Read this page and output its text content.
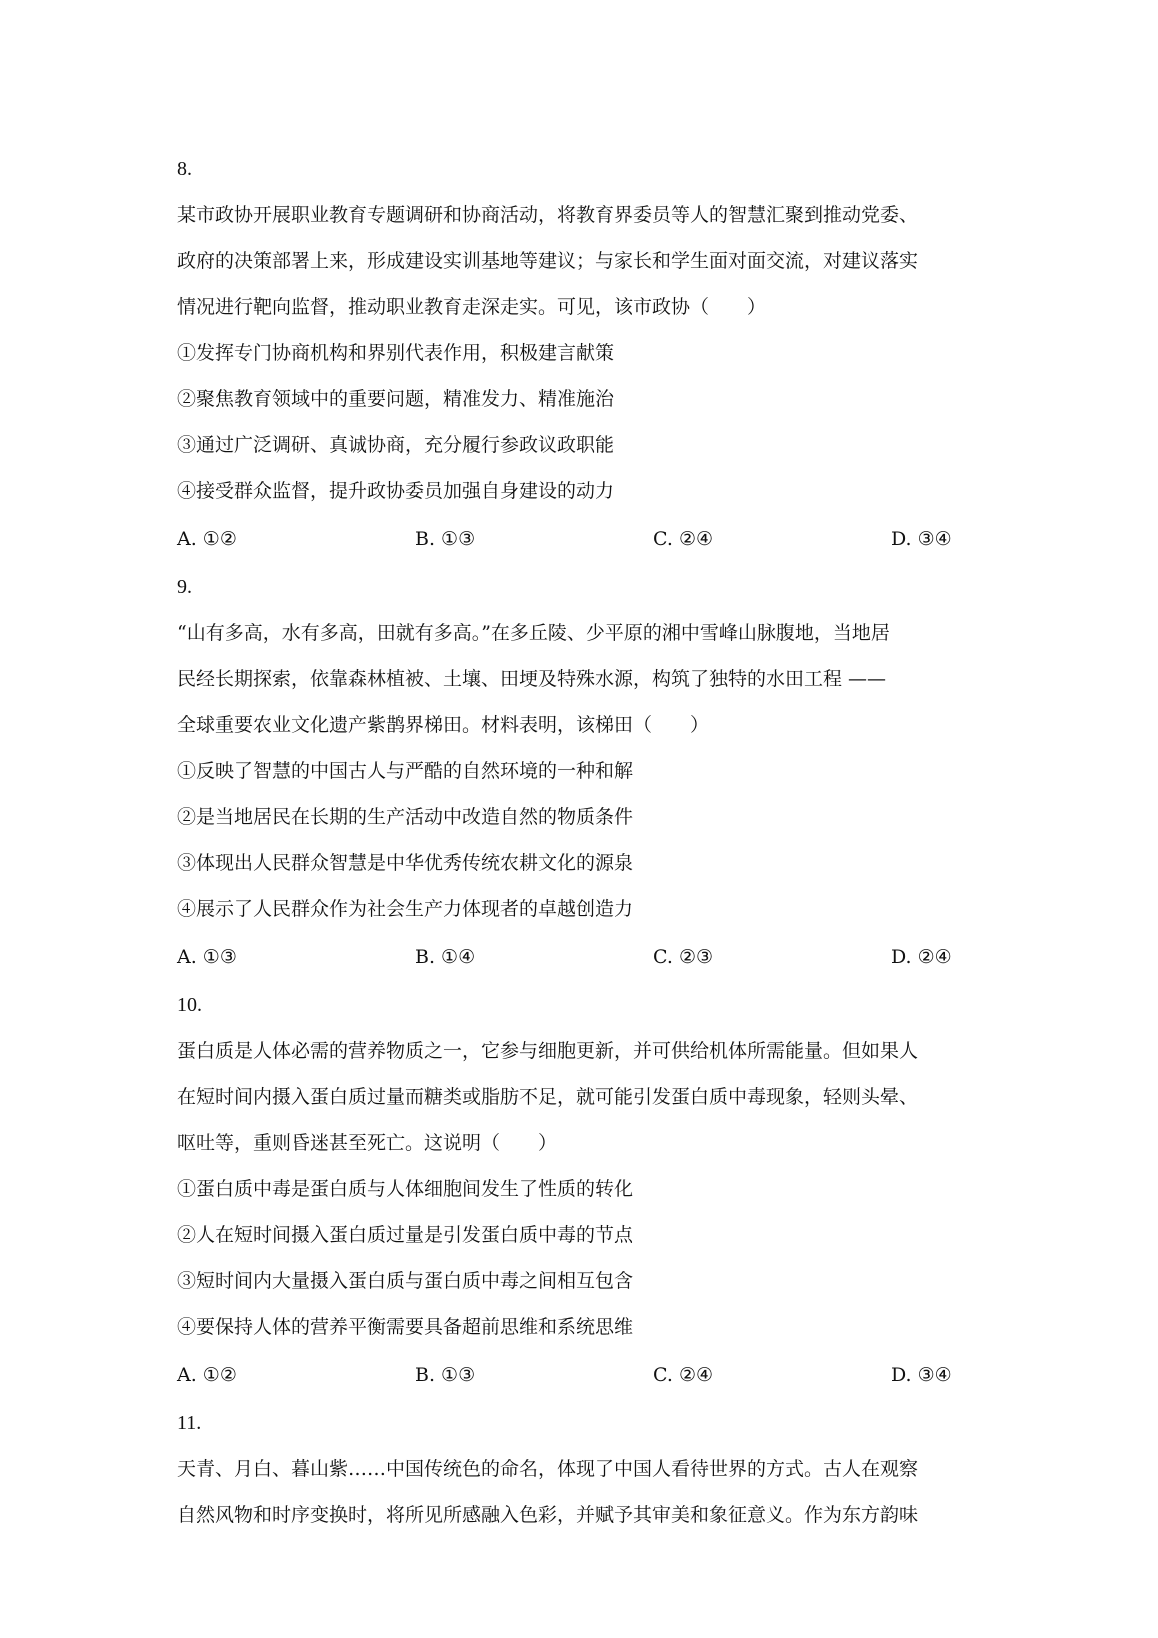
8.
某市政协开展职业教育专题调研和协商活动，将教育界委员等人的智慧汇聚到推动党委、
政府的决策部署上来，形成建设实训基地等建议；与家长和学生面对面交流，对建议落实
情况进行靶向监督，推动职业教育走深走实。可见，该市政协（　　）
①发挥专门协商机构和界别代表作用，积极建言献策
②聚焦教育领域中的重要问题，精准发力、精准施治
③通过广泛调研、真诚协商，充分履行参政议政职能
④接受群众监督，提升政协委员加强自身建设的动力
A. ①②	B. ①③	C. ②④	D. ③④
9.
“山有多高，水有多高，田就有多高。”在多丘陵、少平原的湘中雪峰山脉腹地，当地居
民经长期探索，依靠森林植被、土壤、田埂及特殊水源，构筑了独特的水田工程 ——
全球重要农业文化遗产紫鹊界梯田。材料表明，该梯田（　　）
①反映了智慧的中国古人与严酷的自然环境的一种和解
②是当地居民在长期的生产活动中改造自然的物质条件
③体现出人民群众智慧是中华优秀传统农耕文化的源泉
④展示了人民群众作为社会生产力体现者的卓越创造力
A. ①③	B. ①④	C. ②③	D. ②④
10.
蛋白质是人体必需的营养物质之一，它参与细胞更新，并可供给机体所需能量。但如果人
在短时间内摄入蛋白质过量而糖类或脂肪不足，就可能引发蛋白质中毒现象，轻则头晕、
呕吐等，重则昏迷甚至死亡。这说明（　　）
①蛋白质中毒是蛋白质与人体细胞间发生了性质的转化
②人在短时间摄入蛋白质过量是引发蛋白质中毒的节点
③短时间内大量摄入蛋白质与蛋白质中毒之间相互包含
④要保持人体的营养平衡需要具备超前思维和系统思维
A. ①②	B. ①③	C. ②④	D. ③④
11.
天青、月白、暮山紫……中国传统色的命名，体现了中国人看待世界的方式。古人在观察
自然风物和时序变换时，将所见所感融入色彩，并赋予其审美和象征意义。作为东方韵味
